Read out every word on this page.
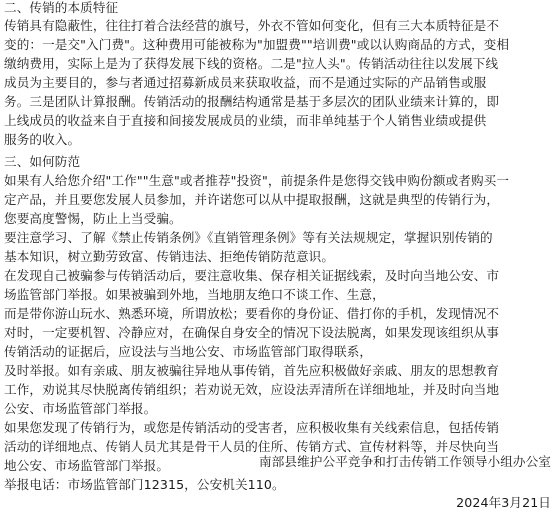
二、传销的本质特征
传销具有隐蔽性，往往打着合法经营的旗号，外衣不管如何变化，但有三大本质特征是不
变的：一是交"入门费"。这种费用可能被称为"加盟费""培训费"或以认购商品的方式，变相
缴纳费用，实际上是为了获得发展下线的资格。二是"拉人头"。传销活动往往以发展下线
成员为主要目的，参与者通过招募新成员来获取收益，而不是通过实际的产品销售或服
务。三是团队计算报酬。传销活动的报酬结构通常是基于多层次的团队业绩来计算的，即
上线成员的收益来自于直接和间接发展成员的业绩，而非单纯基于个人销售业绩或提供
服务的收入。
三、如何防范
如果有人给您介绍"工作""生意"或者推荐"投资"，前提条件是您得交钱申购份额或者购买一
定产品，并且要您发展人员参加，并许诺您可以从中提取报酬，这就是典型的传销行为，
您要高度警惕，防止上当受骗。
要注意学习、了解《禁止传销条例》《直销管理条例》等有关法规规定，掌握识别传销的
基本知识，树立勤劳致富、传销违法、拒绝传销防范意识。
在发现自己被骗参与传销活动后，要注意收集、保存相关证据线索，及时向当地公安、市
场监管部门举报。如果被骗到外地，当地朋友绝口不谈工作、生意，
而是带你游山玩水、熟悉环境，所谓放松；要看你的身份证、借打你的手机，发现情况不
对时，一定要机智、冷静应对，在确保自身安全的情况下设法脱离，如果发现该组织从事
传销活动的证据后，应设法与当地公安、市场监管部门取得联系，
及时举报。如有亲戚、朋友被骗往异地从事传销，首先应积极做好亲戚、朋友的思想教育
工作，劝说其尽快脱离传销组织；若劝说无效，应设法弄清所在详细地址，并及时向当地
公安、市场监管部门举报。
如果您发现了传销行为，或您是传销活动的受害者，应积极收集有关线索信息，包括传销
活动的详细地点、传销人员尤其是骨干人员的住所、传销方式、宣传材料等，并尽快向当
地公安、市场监管部门举报。
举报电话：市场监管部门12315，公安机关110。
南部县维护公平竞争和打击传销工作领导小组办公室
2024年3月21日
